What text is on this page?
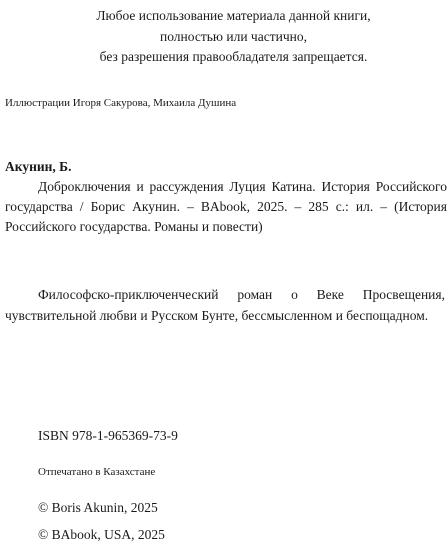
Любое использование материала данной книги,
полностью или частично,
без разрешения правообладателя запрещается.
Иллюстрации Игоря Сакурова, Михаила Душина
Акунин, Б.

Доброключения и рассуждения Луция Катина. История Российского государства / Борис Акунин. – BAbook, 2025. – 285 с.: ил. – (История Российского государства. Романы и повести)

Философско-приключенческий роман о Веке Просвещения, чувствительной любви и Русском Бунте, бессмысленном и беспощадном.

ISBN 978-1-965369-73-9
Отпечатано в Казахстане
© Boris Akunin, 2025
© BAbook, USA, 2025
